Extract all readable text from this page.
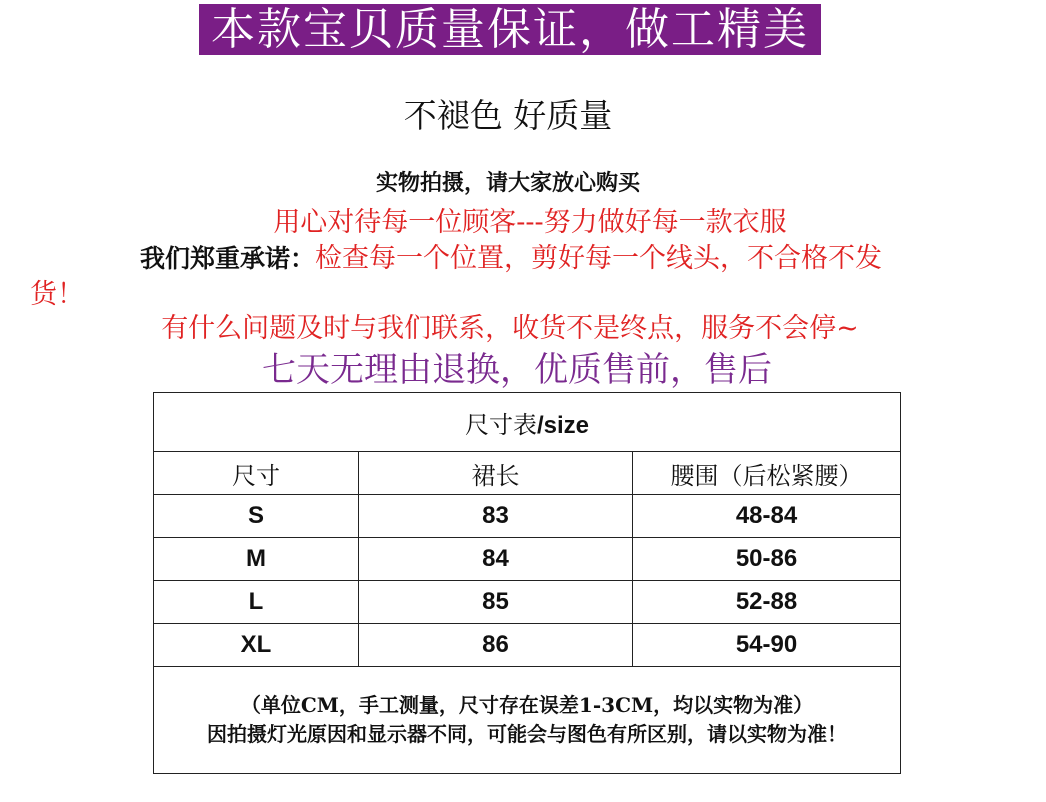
本款宝贝质量保证，做工精美
不褪色 好质量
实物拍摄，请大家放心购买
用心对待每一位顾客---努力做好每一款衣服
我们郑重承诺：检查每一个位置，剪好每一个线头，不合格不发
货！
有什么问题及时与我们联系，收货不是终点，服务不会停~
七天无理由退换，优质售前，售后
尺寸表/size		
尺寸	裙长	腰围（后松紧腰）
S	83	48-84
M	84	50-86
L	85	52-88
XL	86	54-90

（单位CM，手工测量，尺寸存在误差1-3CM，均以实物为准）
因拍摄灯光原因和显示器不同，可能会与图色有所区别，请以实物为准！		
